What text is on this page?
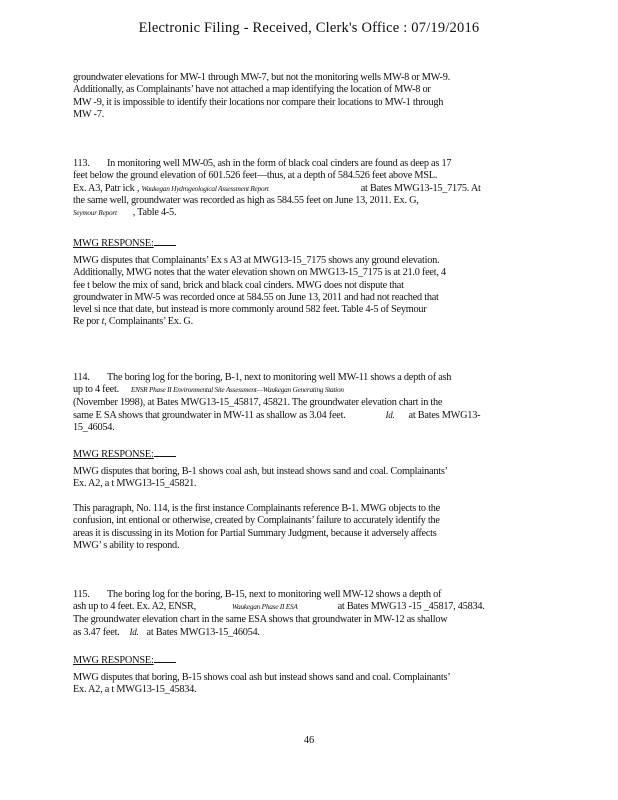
Electronic Filing - Received, Clerk's Office : 07/19/2016
groundwater elevations for MW-1 through MW-7, but not the monitoring wells MW-8 or MW-9.
Additionally, as Complainants’ have not attached a map identifying the location of MW-8 or
MW -9, it is impossible to identify their locations nor compare their locations to MW-1 through
MW -7.
113. In monitoring well MW-05, ash in the form of black coal cinders are found as deep as 17
feet below the ground elevation of 601.526 feet—thus, at a depth of 584.526 feet above MSL.
Ex. A3, Patr ick , Waukegan Hydrogeological Assessment Report	at Bates MWG13-15_7175. At
the same well, groundwater was recorded as high as 584.55 feet on June 13, 2011. Ex. G,
Seymour Report , Table 4-5.
MWG RESPONSE:
MWG disputes that Complainants’ Ex s A3 at MWG13-15_7175 shows any ground elevation.
Additionally, MWG notes that the water elevation shown on MWG13-15_7175 is at 21.0 feet, 4
fee t below the mix of sand, brick and black coal cinders. MWG does not dispute that
groundwater in MW-5 was recorded once at 584.55 on June 13, 2011 and had not reached that
level si nce that date, but instead is more commonly around 582 feet. Table 4-5 of Seymour
Re por t, Complainants’ Ex. G.
114. The boring log for the boring, B-1, next to monitoring well MW-11 shows a depth of ash
up to 4 feet. ENSR Phase II Environmental Site Assessment—Waukegan Generating Station
(November 1998), at Bates MWG13-15_45817, 45821. The groundwater elevation chart in the
same E SA shows that groundwater in MW-11 as shallow as 3.04 feet.	Id. at Bates MWG13-
15_46054.
MWG RESPONSE:
MWG disputes that boring, B-1 shows coal ash, but instead shows sand and coal. Complainants’
Ex. A2, a t MWG13-15_45821.
This paragraph, No. 114, is the first instance Complainants reference B-1. MWG objects to the
confusion, int entional or otherwise, created by Complainants’ failure to accurately identify the
areas it is discussing in its Motion for Partial Summary Judgment, because it adversely affects
MWG’ s ability to respond.
115. The boring log for the boring, B-15, next to monitoring well MW-12 shows a depth of
ash up to 4 feet. Ex. A2, ENSR,	Waukegan Phase II ESA	at Bates MWG13 -15 _45817, 45834.
The groundwater elevation chart in the same ESA shows that groundwater in MW-12 as shallow
as 3.47 feet. Id. at Bates MWG13-15_46054.
MWG RESPONSE:
MWG disputes that boring, B-15 shows coal ash but instead shows sand and coal. Complainants’
Ex. A2, a t MWG13-15_45834.
46
